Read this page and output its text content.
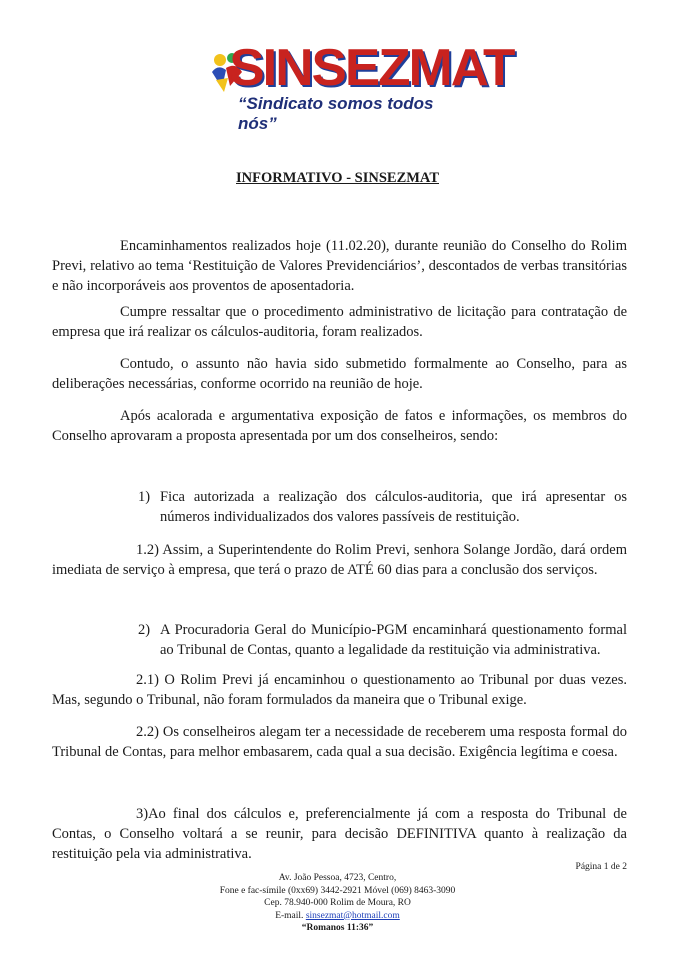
SINSEZMAT
“Sindicato somos todos nós”
INFORMATIVO - SINSEZMAT

Encaminhamentos realizados hoje (11.02.20), durante reunião do Conselho do Rolim Previ, relativo ao tema ‘Restituição de Valores Previdenciários’, descontados de verbas transitórias e não incorporáveis aos proventos de aposentadoria.

Cumpre ressaltar que o procedimento administrativo de licitação para contratação de empresa que irá realizar os cálculos-auditoria, foram realizados.

Contudo, o assunto não havia sido submetido formalmente ao Conselho, para as deliberações necessárias, conforme ocorrido na reunião de hoje.

Após acalorada e argumentativa exposição de fatos e informações, os membros do Conselho aprovaram a proposta apresentada por um dos conselheiros, sendo:

1) Fica autorizada a realização dos cálculos-auditoria, que irá apresentar os números individualizados dos valores passíveis de restituição.

1.2) Assim, a Superintendente do Rolim Previ, senhora Solange Jordão, dará ordem imediata de serviço à empresa, que terá o prazo de ATÉ 60 dias para a conclusão dos serviços.

2) A Procuradoria Geral do Município-PGM encaminhará questionamento formal ao Tribunal de Contas, quanto a legalidade da restituição via administrativa.

2.1) O Rolim Previ já encaminhou o questionamento ao Tribunal por duas vezes. Mas, segundo o Tribunal, não foram formulados da maneira que o Tribunal exige.

2.2) Os conselheiros alegam ter a necessidade de receberem uma resposta formal do Tribunal de Contas, para melhor embasarem, cada qual a sua decisão. Exigência legítima e coesa.

3)Ao final dos cálculos e, preferencialmente já com a resposta do Tribunal de Contas, o Conselho voltará a se reunir, para decisão DEFINITIVA quanto à realização da restituição pela via administrativa.

Página 1 de 2
Av. João Pessoa, 4723, Centro,
Fone e fac-símile (0xx69) 3442-2921 Móvel (069) 8463-3090
Cep. 78.940-000 Rolim de Moura, RO
E-mail. sinsezmat@hotmail.com
“Romanos 11:36”
